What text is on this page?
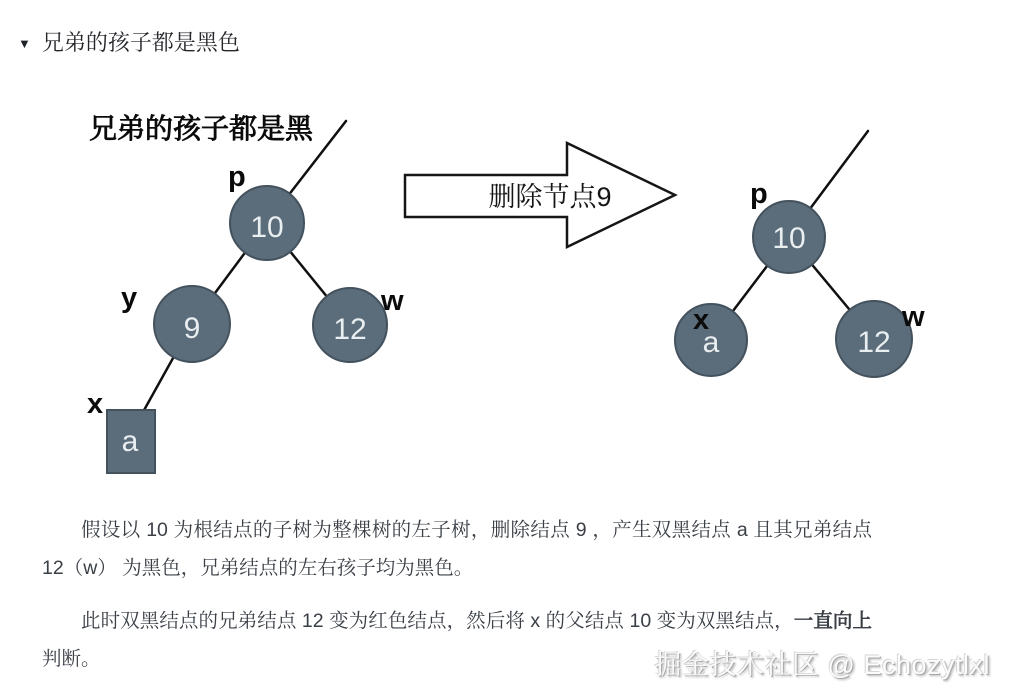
▼ 兄弟的孩子都是黑色
兄弟的孩子都是黑
10
9	12
a
p
y	w
x
删除节点9
10
a	12
p
x	w
假设以 10 为根结点的子树为整棵树的左子树，删除结点 9 ，产生双黑结点 a 且其兄弟结点 12（w） 为黑色，兄弟结点的左右孩子均为黑色。
此时双黑结点的兄弟结点 12 变为红色结点，然后将 x 的父结点 10 变为双黑结点，一直向上判断。	掘金技术社区 @ Echozytlxl
